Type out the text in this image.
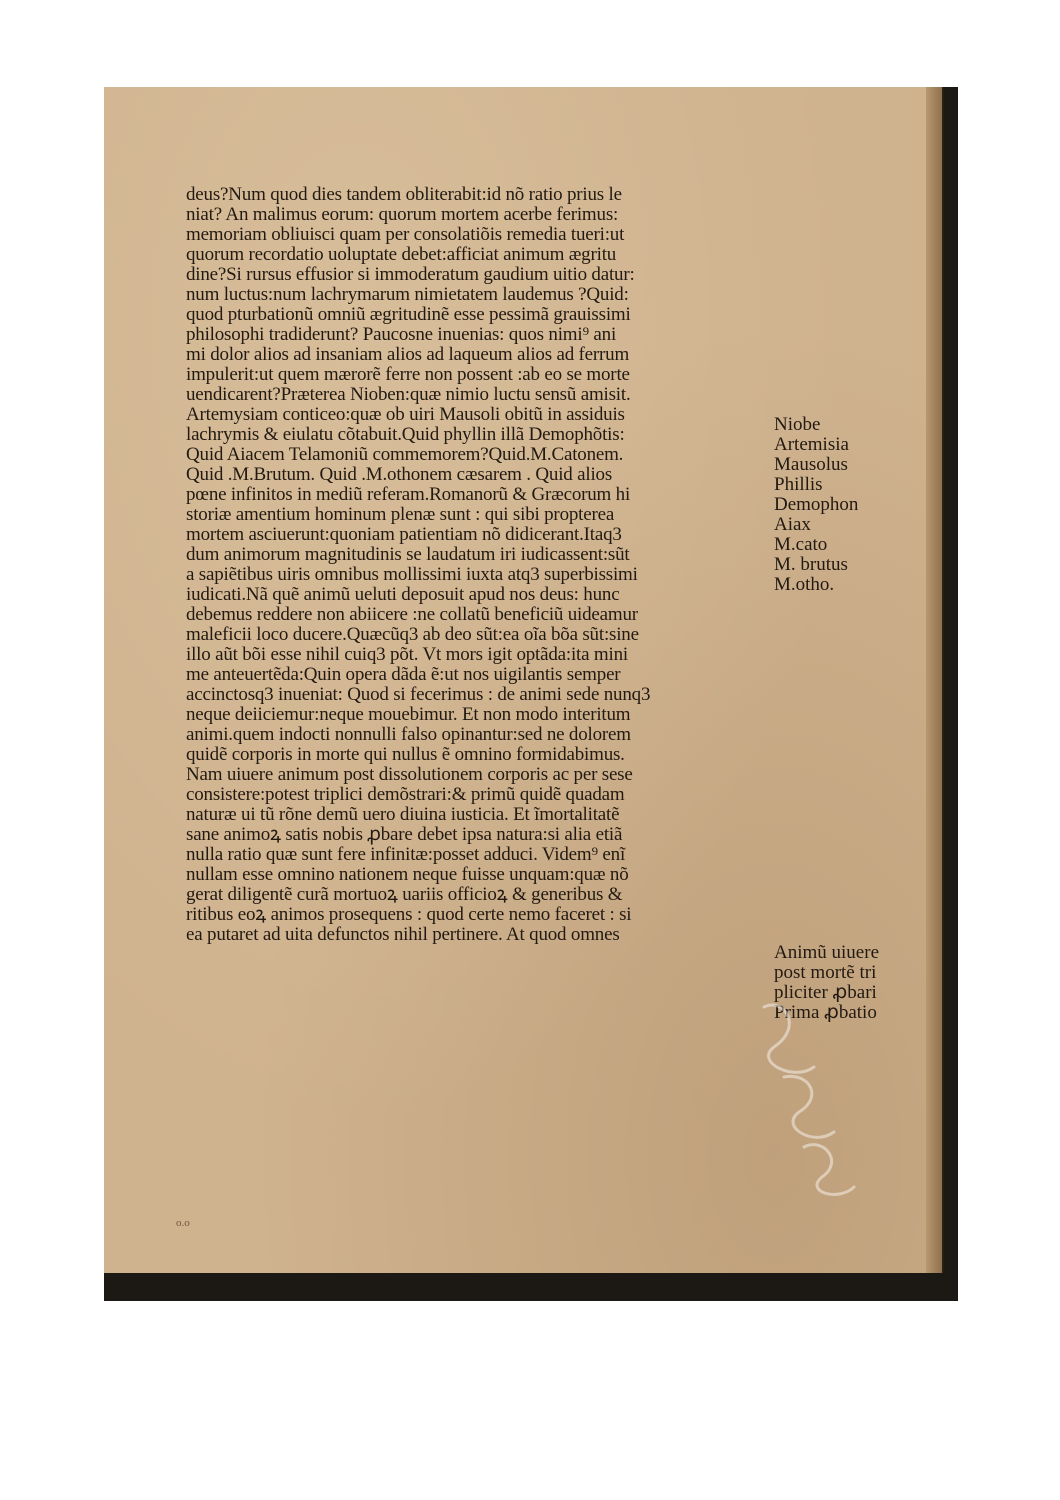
deus?Num quod dies tandem obliterabit:id nõ ratio prius le
niat? An malimus eorum: quorum mortem acerbe ferimus:
memoriam obliuisci quam per consolatiõis remedia tueri:ut
quorum recordatio uoluptate debet:afficiat animum ægritu
dine?Si rursus effusior si immoderatum gaudium uitio datur:
num luctus:num lachrymarum nimietatem laudemus ?Quid:
quod pturbationũ omniũ ægritudinẽ esse pessimã grauissimi
philosophi tradiderunt? Paucosne inuenias: quos nimi⁹ ani
mi dolor alios ad insaniam alios ad laqueum alios ad ferrum
impulerit:ut quem mærorẽ ferre non possent :ab eo se morte
uendicarent?Præterea Nioben:quæ nimio luctu sensũ amisit.
Artemysiam conticeo:quæ ob uiri Mausoli obitũ in assiduis
lachrymis & eiulatu cõtabuit.Quid phyllin illã Demophõtis:
Quid Aiacem Telamoniũ commemorem?Quid.M.Catonem.
Quid .M.Brutum. Quid .M.othonem cæsarem . Quid alios
pœne infinitos in mediũ referam.Romanorũ & Græcorum hi
storiæ amentium hominum plenæ sunt : qui sibi propterea
mortem asciuerunt:quoniam patientiam nõ didicerant.Itaq3
dum animorum magnitudinis se laudatum iri iudicassent:sũt
a sapiẽtibus uiris omnibus mollissimi iuxta atq3 superbissimi
iudicati.Nã quẽ animũ ueluti deposuit apud nos deus: hunc
debemus reddere non abiicere :ne collatũ beneficiũ uideamur
maleficii loco ducere.Quæcũq3 ab deo sũt:ea oĩa bõa sũt:sine
illo aũt bõi esse nihil cuiq3 põt. Vt mors igit optãda:ita mini
me anteuertẽda:Quin opera dãda ẽ:ut nos uigilantis semper
accinctosq3 inueniat: Quod si fecerimus : de animi sede nunq3
neque deiiciemur:neque mouebimur. Et non modo interitum
animi.quem indocti nonnulli falso opinantur:sed ne dolorem
quidẽ corporis in morte qui nullus ẽ omnino formidabimus.
Nam uiuere animum post dissolutionem corporis ac per sese
consistere:potest triplici demõstrari:& primũ quidẽ quadam
naturæ ui tũ rõne demũ uero diuina iusticia. Et ĩmortalitatẽ
sane animoꝝ satis nobis ꝓbare debet ipsa natura:si alia etiã
nulla ratio quæ sunt fere infinitæ:posset adduci. Videm⁹ enĩ
nullam esse omnino nationem neque fuisse unquam:quæ nõ
gerat diligentẽ curã mortuoꝝ uariis officioꝝ & generibus &
ritibus eoꝝ animos prosequens : quod certe nemo faceret : si
ea putaret ad uita defunctos nihil pertinere. At quod omnes
Niobe
Artemisia
Mausolus
Phillis
Demophon
Aiax
M.cato
M. brutus
M.otho.
Animũ uiuere
post mortẽ tri
pliciter ꝓbari
Prima ꝓbatio
o.o
